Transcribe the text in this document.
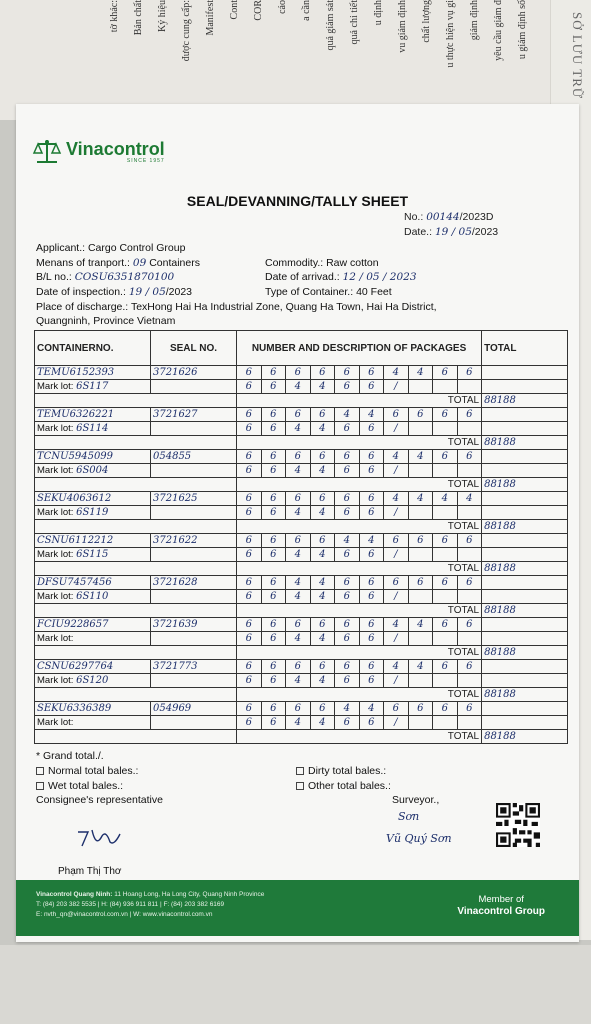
tờ khác: Bản chất Ký hiệu được cung cấp: Manifest Cont COR cáo a cần quả giám sát quả chi tiết u định vu giám định chất lượng u thực hiện vụ gi giám định yêu cầu giám đ u giám định số	SỞ LƯU TRỮ
Vinacontrol
SINCE 1957
SEAL/DEVANNING/TALLY SHEET
No.: 00144/2023D
Date.: 19 / 05/2023
Applicant.: Cargo Control Group
Menans of tranport.: 09 Containers
B/L no.: COSU6351870100
Date of inspection.: 19 / 05/2023
Commodity.: Raw cotton
Date of arrivad.: 12 / 05 / 2023
Type of Container.: 40 Feet
Place of discharge.: TexHong Hai Ha Industrial Zone, Quang Ha Town, Hai Ha District,
Quangninh, Province Vietnam
CONTAINERNO.	SEAL NO.	NUMBER AND DESCRIPTION OF PACKAGES										TOTAL
TEMU6152393	3721626	6	6	6	6	6	6	4	4	6	6	
Mark lot: 6S117		6	6	4	4	6	6	/				
		TOTAL										88188
TEMU6326221	3721627	6	6	6	6	4	4	6	6	6	6	
Mark lot: 6S114		6	6	4	4	6	6	/				
		TOTAL										88188
TCNU5945099	054855	6	6	6	6	6	6	4	4	6	6	
Mark lot: 6S004		6	6	4	4	6	6	/				
		TOTAL										88188
SEKU4063612	3721625	6	6	6	6	6	6	4	4	4	4	
Mark lot: 6S119		6	6	4	4	6	6	/				
		TOTAL										88188
CSNU6112212	3721622	6	6	6	6	4	4	6	6	6	6	
Mark lot: 6S115		6	6	4	4	6	6	/				
		TOTAL										88188
DFSU7457456	3721628	6	6	4	4	6	6	6	6	6	6	
Mark lot: 6S110		6	6	4	4	6	6	/				
		TOTAL										88188
FCIU9228657	3721639	6	6	6	6	6	6	4	4	6	6	
Mark lot:		6	6	4	4	6	6	/				
		TOTAL										88188
CSNU6297764	3721773	6	6	6	6	6	6	4	4	6	6	
Mark lot: 6S120		6	6	4	4	6	6	/				
		TOTAL										88188
SEKU6336389	054969	6	6	6	6	4	4	6	6	6	6	
Mark lot:		6	6	4	4	6	6	/				
		TOTAL										88188
* Grand total./.
Normal total bales.:
Wet total bales.:
Dirty total bales.:
Other total bales.:
Consignee's representative	Surveyor.,
Sơn
Vũ Quý Sơn
Phạm Thị Thơ
Vinacontrol Quang Ninh: 11 Hoang Long, Ha Long City, Quang Ninh Province
T: (84) 203 382 5535 | H: (84) 936 911 811 | F: (84) 203 382 6169
E: nvth_qn@vinacontrol.com.vn | W: www.vinacontrol.com.vn
Member of
Vinacontrol Group
